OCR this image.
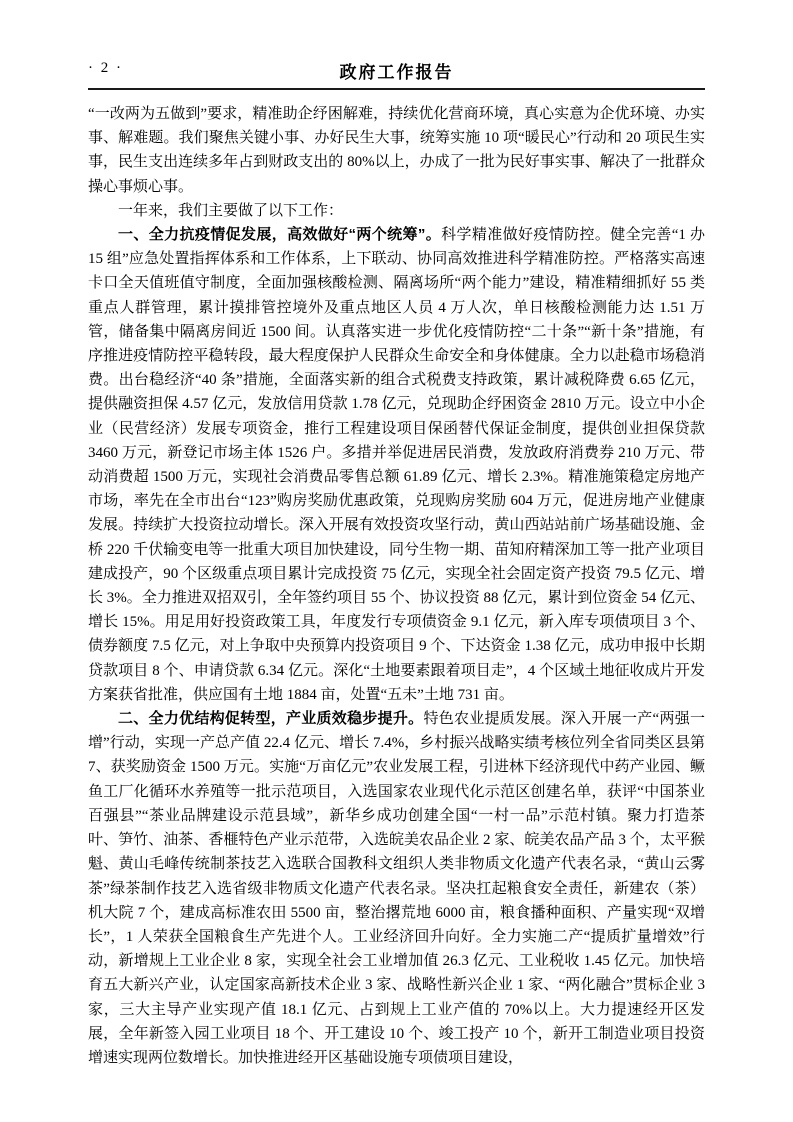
· 2 ·	政府工作报告

“一改两为五做到”要求，精准助企纾困解难，持续优化营商环境，真心实意为企优环境、办实事、解难题。我们聚焦关键小事、办好民生大事，统筹实施 10 项“暖民心”行动和 20 项民生实事，民生支出连续多年占到财政支出的 80%以上，办成了一批为民好事实事、解决了一批群众操心事烦心事。

一年来，我们主要做了以下工作：

一、全力抗疫情促发展，高效做好“两个统筹”。科学精准做好疫情防控。健全完善“1 办 15 组”应急处置指挥体系和工作体系，上下联动、协同高效推进科学精准防控。严格落实高速卡口全天值班值守制度，全面加强核酸检测、隔离场所“两个能力”建设，精准精细抓好 55 类重点人群管理，累计摸排管控境外及重点地区人员 4 万人次，单日核酸检测能力达 1.51 万管，储备集中隔离房间近 1500 间。认真落实进一步优化疫情防控“二十条”“新十条”措施，有序推进疫情防控平稳转段，最大程度保护人民群众生命安全和身体健康。全力以赴稳市场稳消费。出台稳经济“40 条”措施，全面落实新的组合式税费支持政策，累计减税降费 6.65 亿元，提供融资担保 4.57 亿元，发放信用贷款 1.78 亿元，兑现助企纾困资金 2810 万元。设立中小企业（民营经济）发展专项资金，推行工程建设项目保函替代保证金制度，提供创业担保贷款 3460 万元，新登记市场主体 1526 户。多措并举促进居民消费，发放政府消费券 210 万元、带动消费超 1500 万元，实现社会消费品零售总额 61.89 亿元、增长 2.3%。精准施策稳定房地产市场，率先在全市出台“123”购房奖励优惠政策，兑现购房奖励 604 万元，促进房地产业健康发展。持续扩大投资拉动增长。深入开展有效投资攻坚行动，黄山西站站前广场基础设施、金桥 220 千伏输变电等一批重大项目加快建设，同兮生物一期、苗知府精深加工等一批产业项目建成投产，90 个区级重点项目累计完成投资 75 亿元，实现全社会固定资产投资 79.5 亿元、增长 3%。全力推进双招双引，全年签约项目 55 个、协议投资 88 亿元，累计到位资金 54 亿元、增长 15%。用足用好投资政策工具，年度发行专项债资金 9.1 亿元，新入库专项债项目 3 个、债券额度 7.5 亿元，对上争取中央预算内投资项目 9 个、下达资金 1.38 亿元，成功申报中长期贷款项目 8 个、申请贷款 6.34 亿元。深化“土地要素跟着项目走”，4 个区域土地征收成片开发方案获省批准，供应国有土地 1884 亩，处置“五未”土地 731 亩。

二、全力优结构促转型，产业质效稳步提升。特色农业提质发展。深入开展一产“两强一增”行动，实现一产总产值 22.4 亿元、增长 7.4%，乡村振兴战略实绩考核位列全省同类区县第 7、获奖励资金 1500 万元。实施“万亩亿元”农业发展工程，引进林下经济现代中药产业园、鳜鱼工厂化循环水养殖等一批示范项目，入选国家农业现代化示范区创建名单，获评“中国茶业百强县”“茶业品牌建设示范县域”，新华乡成功创建全国“一村一品”示范村镇。聚力打造茶叶、笋竹、油茶、香榧特色产业示范带，入选皖美农品企业 2 家、皖美农品产品 3 个，太平猴魁、黄山毛峰传统制茶技艺入选联合国教科文组织人类非物质文化遗产代表名录，“黄山云雾茶”绿茶制作技艺入选省级非物质文化遗产代表名录。坚决扛起粮食安全责任，新建农（茶）机大院 7 个，建成高标准农田 5500 亩，整治撂荒地 6000 亩，粮食播种面积、产量实现“双增长”，1 人荣获全国粮食生产先进个人。工业经济回升向好。全力实施二产“提质扩量增效”行动，新增规上工业企业 8 家，实现全社会工业增加值 26.3 亿元、工业税收 1.45 亿元。加快培育五大新兴产业，认定国家高新技术企业 3 家、战略性新兴企业 1 家、“两化融合”贯标企业 3 家，三大主导产业实现产值 18.1 亿元、占到规上工业产值的 70%以上。大力提速经开区发展，全年新签入园工业项目 18 个、开工建设 10 个、竣工投产 10 个，新开工制造业项目投资增速实现两位数增长。加快推进经开区基础设施专项债项目建设，
